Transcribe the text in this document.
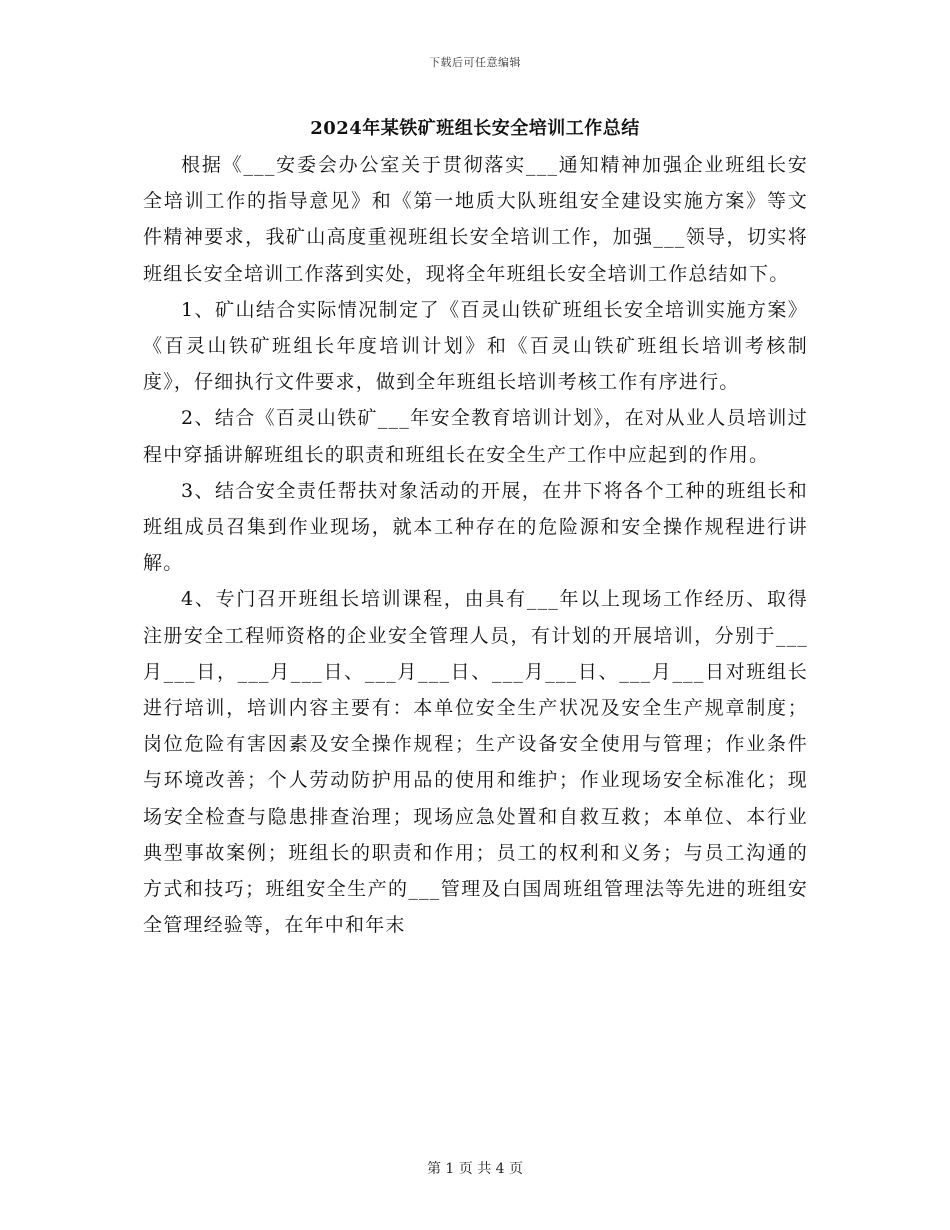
下载后可任意编辑
2024年某铁矿班组长安全培训工作总结

根据《___安委会办公室关于贯彻落实___通知精神加强企业班组长安全培训工作的指导意见》和《第一地质大队班组安全建设实施方案》等文件精神要求，我矿山高度重视班组长安全培训工作，加强___领导，切实将班组长安全培训工作落到实处，现将全年班组长安全培训工作总结如下。

1、矿山结合实际情况制定了《百灵山铁矿班组长安全培训实施方案》《百灵山铁矿班组长年度培训计划》和《百灵山铁矿班组长培训考核制度》，仔细执行文件要求，做到全年班组长培训考核工作有序进行。

2、结合《百灵山铁矿___年安全教育培训计划》，在对从业人员培训过程中穿插讲解班组长的职责和班组长在安全生产工作中应起到的作用。

3、结合安全责任帮扶对象活动的开展，在井下将各个工种的班组长和班组成员召集到作业现场，就本工种存在的危险源和安全操作规程进行讲解。

4、专门召开班组长培训课程，由具有___年以上现场工作经历、取得注册安全工程师资格的企业安全管理人员，有计划的开展培训，分别于___月___日，___月___日、___月___日、___月___日、___月___日对班组长进行培训，培训内容主要有：本单位安全生产状况及安全生产规章制度；岗位危险有害因素及安全操作规程；生产设备安全使用与管理；作业条件与环境改善；个人劳动防护用品的使用和维护；作业现场安全标准化；现场安全检查与隐患排查治理；现场应急处置和自救互救；本单位、本行业典型事故案例；班组长的职责和作用；员工的权利和义务；与员工沟通的方式和技巧；班组安全生产的___管理及白国周班组管理法等先进的班组安全管理经验等，在年中和年末

第 1 页 共 4 页
